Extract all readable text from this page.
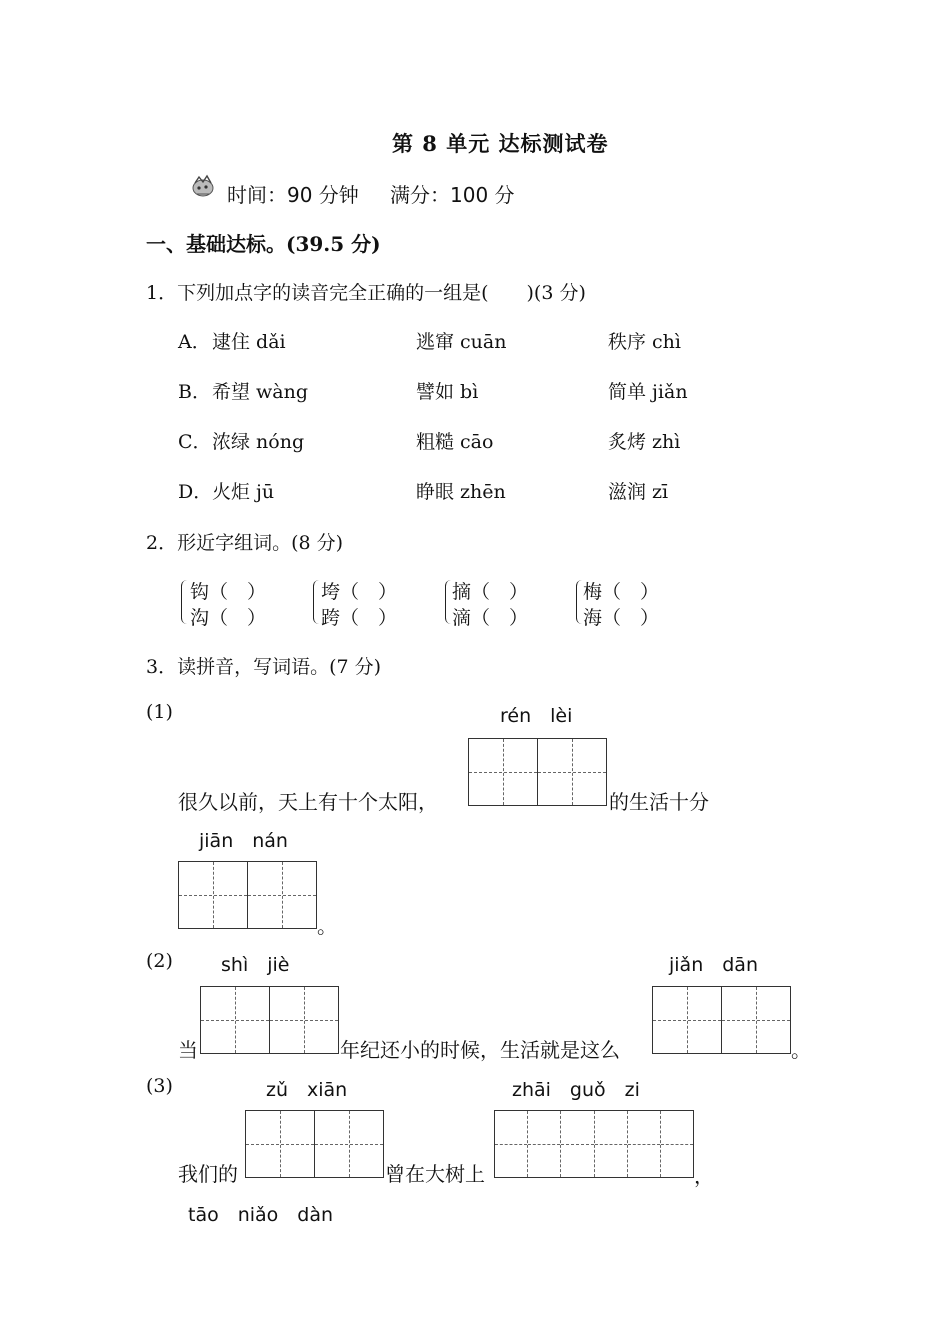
第 8 单元 达标测试卷
时间：90 分钟 满分：100 分
一、基础达标。(39.5 分)
1．下列加点字的读音完全正确的一组是(　　)(3 分)
A． 逮住 dǎi	逃窜 cuān	秩序 chì
B． 希望 wàng	譬如 bì	简单 jiǎn
C． 浓绿 nóng	粗糙 cāo	炙烤 zhì
D． 火炬 jū	睁眼 zhēn	滋润 zī
2．形近字组词。(8 分)
钩（　）
沟（　）
垮（　）
跨（　）
摘（　）
滴（　）
梅（　）
海（　）
3．读拼音，写词语。(7 分)
(1)	rén　lèi
很久以前，天上有十个太阳，	的生活十分
jiān　nán
。
(2)	shì　jiè	jiǎn　dān
当	年纪还小的时候，生活就是这么	。
(3)	zǔ　xiān	zhāi　guǒ　zi
我们的	曾在大树上	，
tāo　niǎo　dàn
